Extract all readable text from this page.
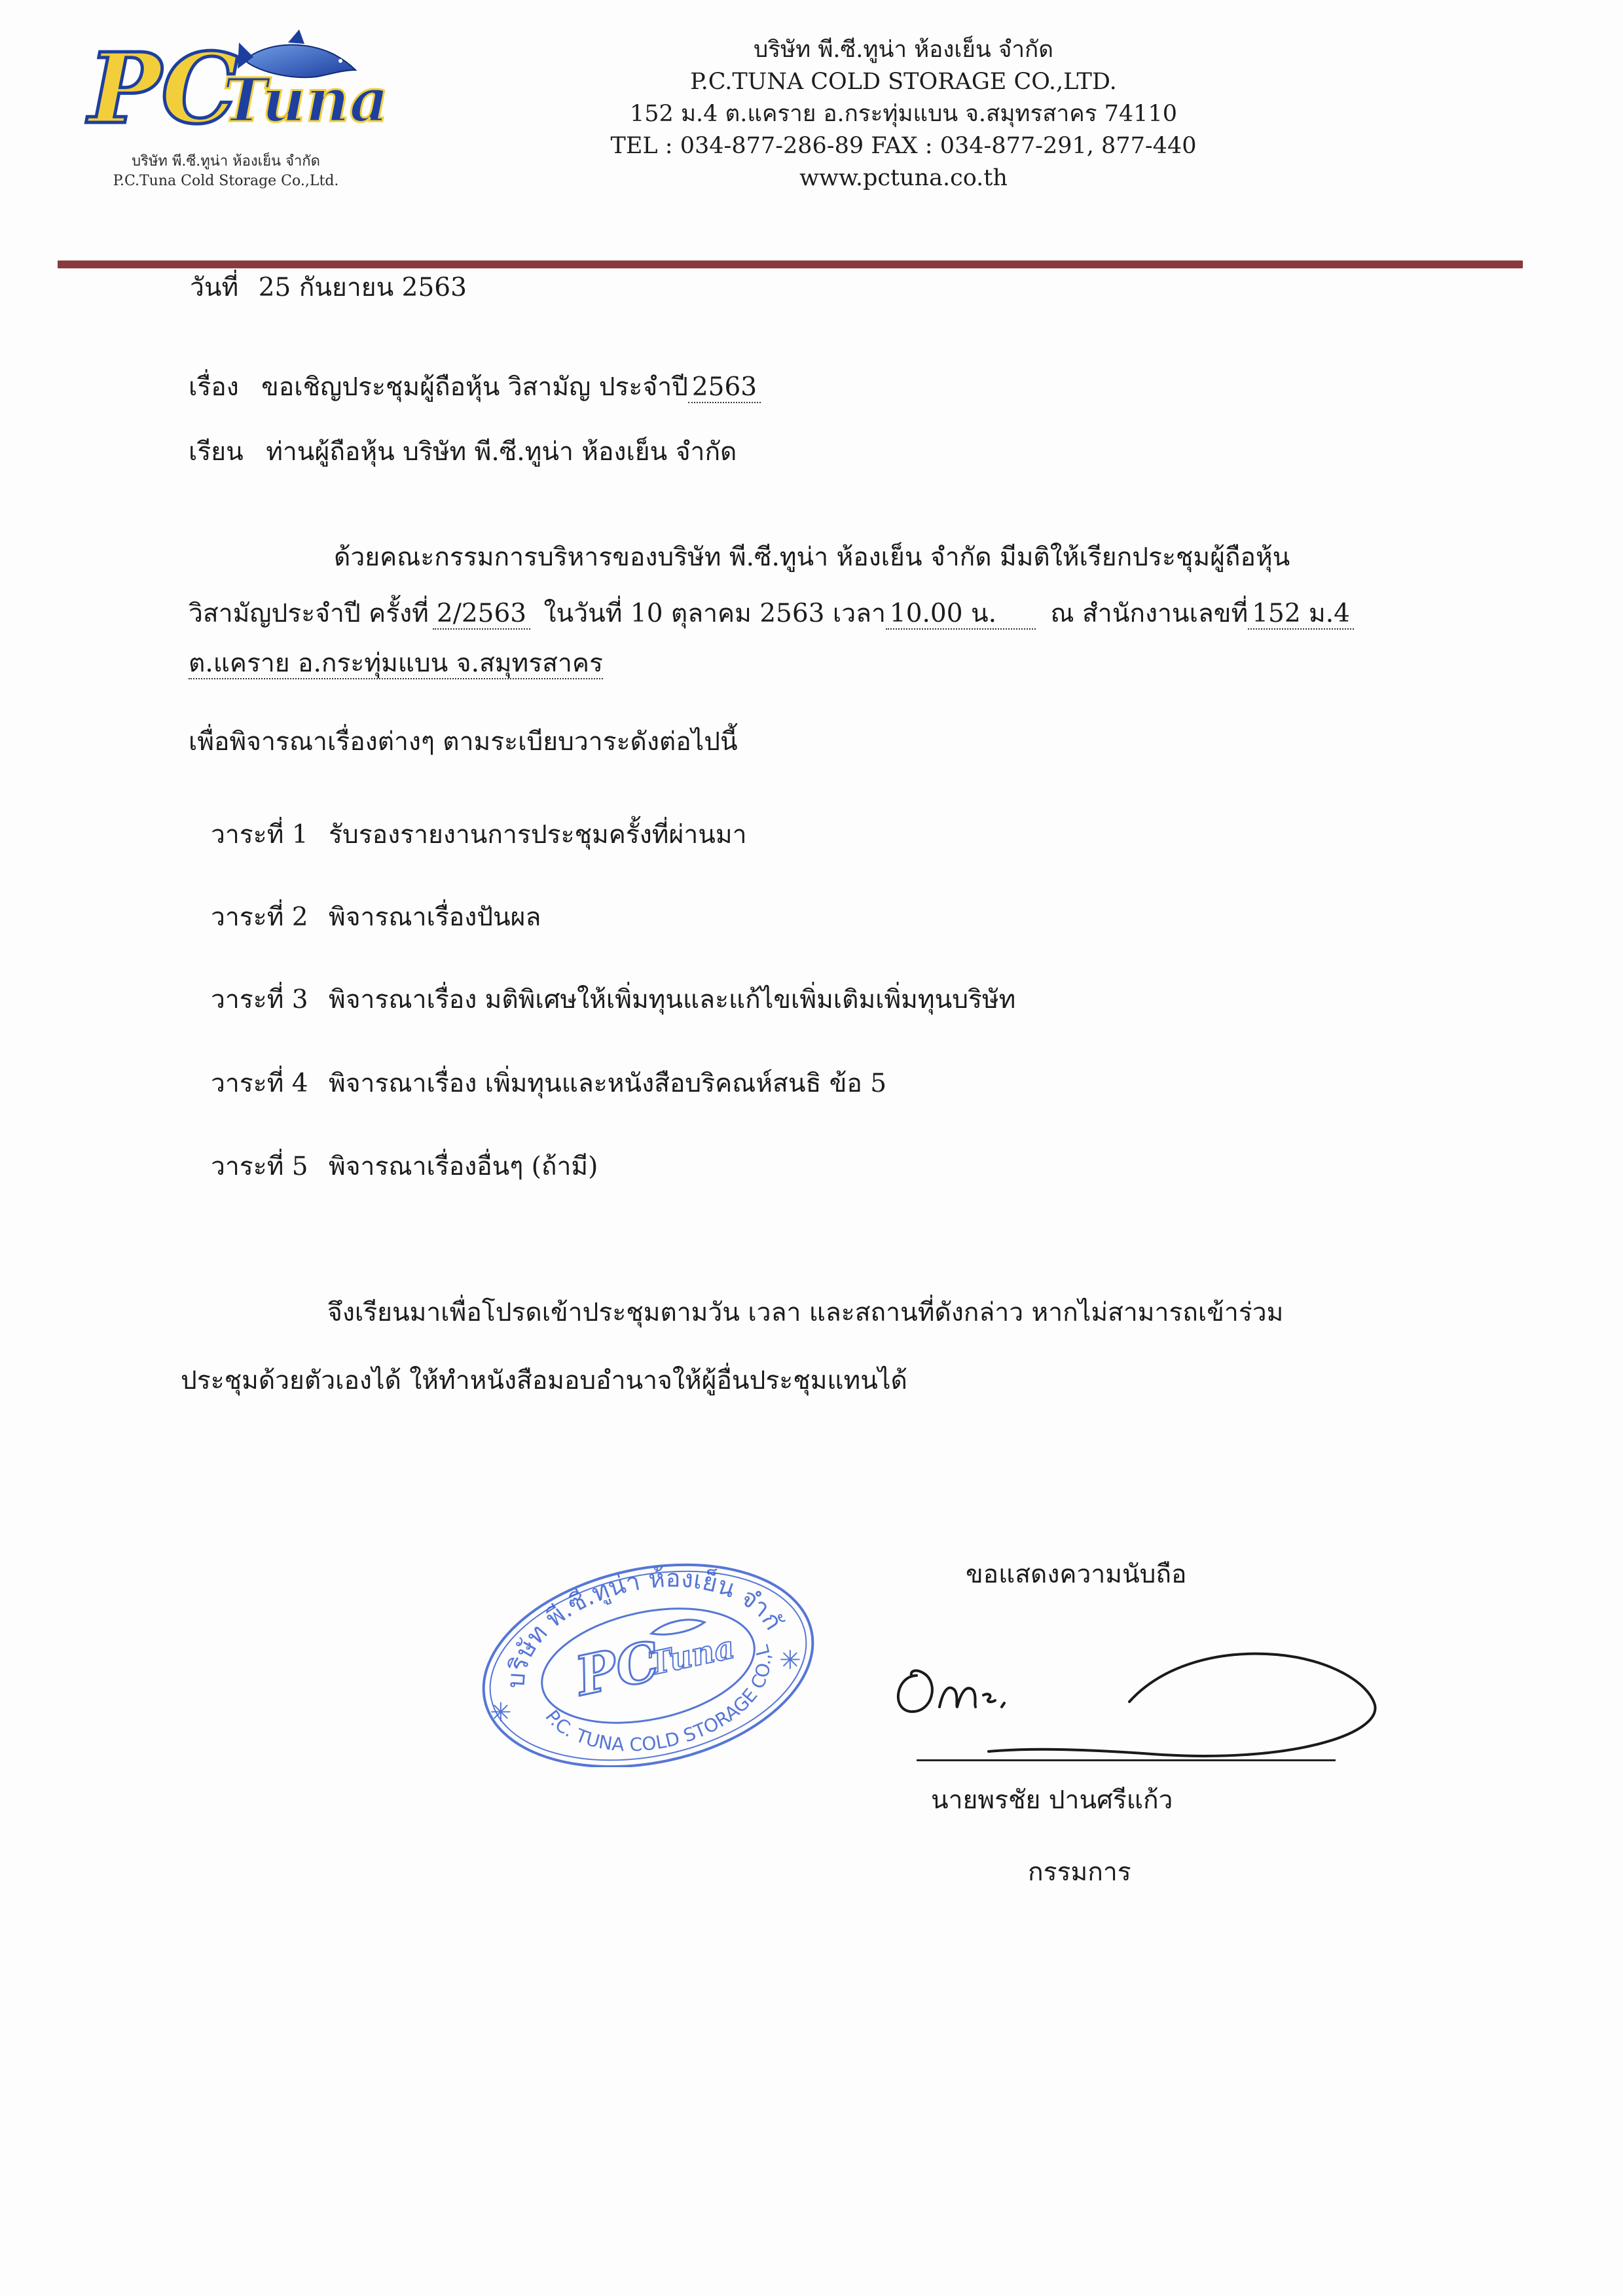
PC
Tuna
บริษัท พี.ซี.ทูน่า ห้องเย็น จำกัด
P.C.Tuna Cold Storage Co.,Ltd.
บริษัท พี.ซี.ทูน่า ห้องเย็น จำกัด
P.C.TUNA COLD STORAGE CO.,LTD.
152 ม.4 ต.แคราย อ.กระทุ่มแบน จ.สมุทรสาคร 74110
TEL : 034-877-286-89 FAX : 034-877-291, 877-440
www.pctuna.co.th
วันที่ 25 กันยายน 2563
เรื่อง ขอเชิญประชุมผู้ถือหุ้น วิสามัญ ประจำปี 2563
เรียน ท่านผู้ถือหุ้น บริษัท พี.ซี.ทูน่า ห้องเย็น จำกัด
ด้วยคณะกรรมการบริหารของบริษัท พี.ซี.ทูน่า ห้องเย็น จำกัด มีมติให้เรียกประชุมผู้ถือหุ้น
วิสามัญประจำปี ครั้งที่ 2/2563 ในวันที่ 10 ตุลาคม 2563 เวลา 10.00 น. ณ สำนักงานเลขที่ 152 ม.4
ต.แคราย อ.กระทุ่มแบน จ.สมุทรสาคร
เพื่อพิจารณาเรื่องต่างๆ ตามระเบียบวาระดังต่อไปนี้
วาระที่ 1 รับรองรายงานการประชุมครั้งที่ผ่านมา
วาระที่ 2 พิจารณาเรื่องปันผล
วาระที่ 3 พิจารณาเรื่อง มติพิเศษให้เพิ่มทุนและแก้ไขเพิ่มเติมเพิ่มทุนบริษัท
วาระที่ 4 พิจารณาเรื่อง เพิ่มทุนและหนังสือบริคณห์สนธิ ข้อ 5
วาระที่ 5 พิจารณาเรื่องอื่นๆ (ถ้ามี)
จึงเรียนมาเพื่อโปรดเข้าประชุมตามวัน เวลา และสถานที่ดังกล่าว หากไม่สามารถเข้าร่วม
ประชุมด้วยตัวเองได้ ให้ทำหนังสือมอบอำนาจให้ผู้อื่นประชุมแทนได้
ขอแสดงความนับถือ
บริษัท พี.ซี.ทูน่า ห้องเย็น จำกัด
P.C. TUNA COLD STORAGE CO.,LTD.
✳
✳
PC
Tuna
นายพรชัย ปานศรีแก้ว
กรรมการ
